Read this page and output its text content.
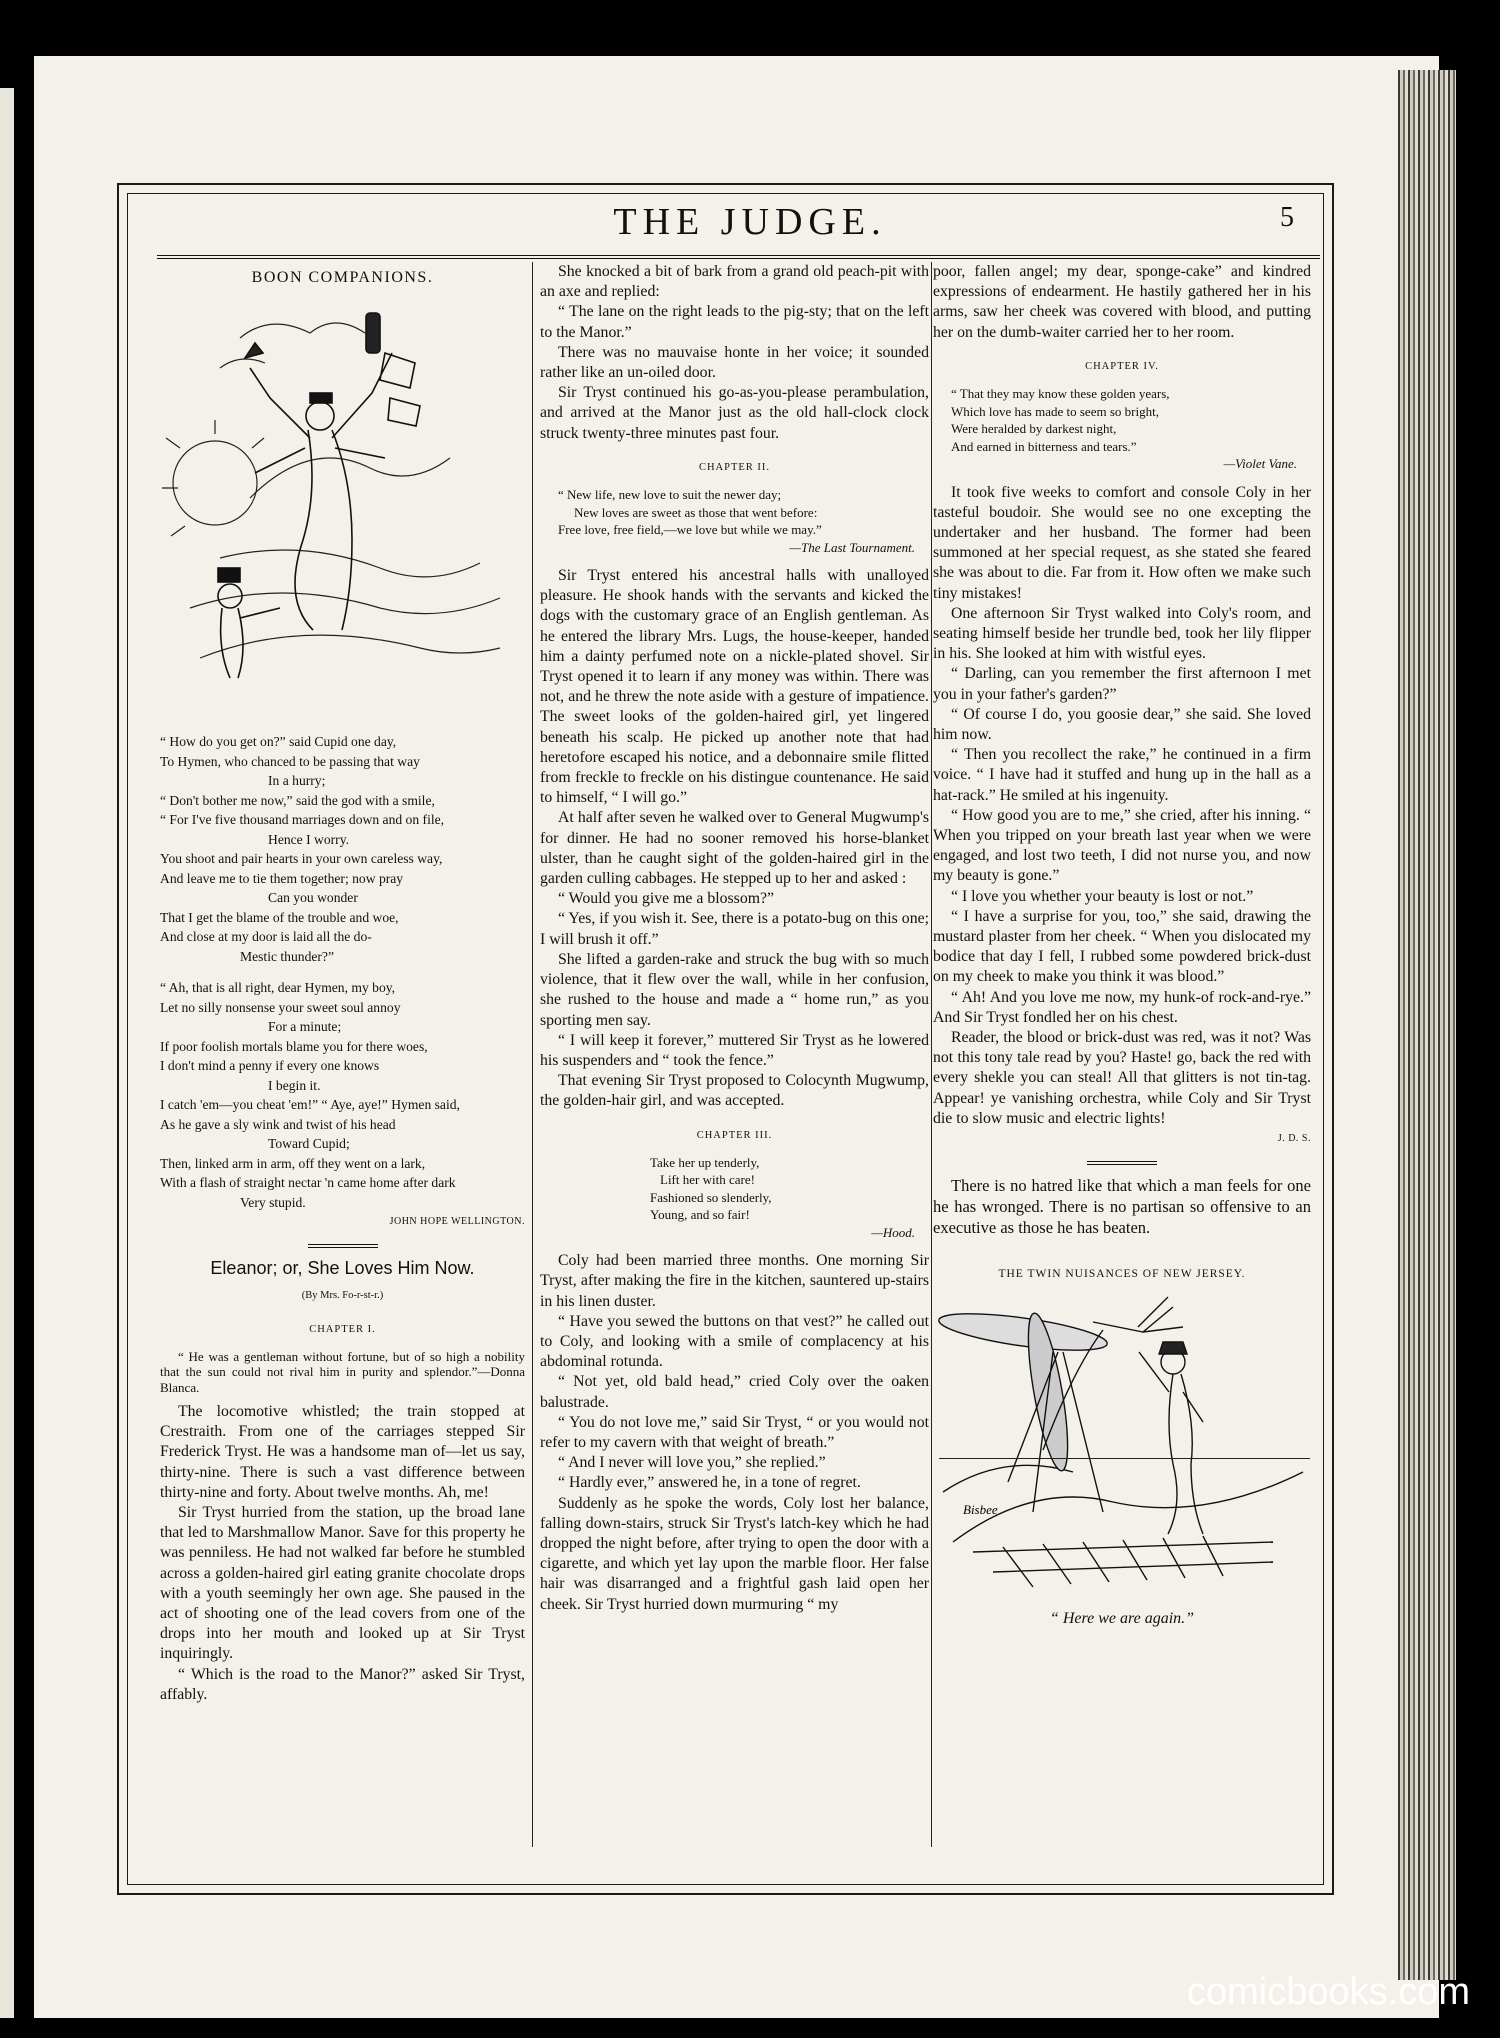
THE JUDGE.	5
BOON COMPANIONS.

“ How do you get on?” said Cupid one day,

To Hymen, who chanced to be passing that way

In a hurry;

“ Don't bother me now,” said the god with a smile,

“ For I've five thousand marriages down and on file,

Hence I worry.

You shoot and pair hearts in your own careless way,

And leave me to tie them together; now pray

Can you wonder

That I get the blame of the trouble and woe,

And close at my door is laid all the do-

Mestic thunder?”

“ Ah, that is all right, dear Hymen, my boy,

Let no silly nonsense your sweet soul annoy

For a minute;

If poor foolish mortals blame you for there woes,

I don't mind a penny if every one knows

I begin it.

I catch 'em—you cheat 'em!” “ Aye, aye!” Hymen said,

As he gave a sly wink and twist of his head

Toward Cupid;

Then, linked arm in arm, off they went on a lark,

With a flash of straight nectar 'n came home after dark

Very stupid.

JOHN HOPE WELLINGTON.

Eleanor; or, She Loves Him Now.
(By Mrs. Fo-r-st-r.)
CHAPTER I.

“ He was a gentleman without fortune, but of so high a nobility that the sun could not rival him in purity and splendor.”—Donna Blanca.

The locomotive whistled; the train stopped at Crestraith. From one of the carriages stepped Sir Frederick Tryst. He was a handsome man of—let us say, thirty-nine. There is such a vast difference between thirty-nine and forty. About twelve months. Ah, me!

Sir Tryst hurried from the station, up the broad lane that led to Marshmallow Manor. Save for this property he was penniless. He had not walked far before he stumbled across a golden-haired girl eating granite chocolate drops with a youth seemingly her own age. She paused in the act of shooting one of the lead covers from one of the drops into her mouth and looked up at Sir Tryst inquiringly.

“ Which is the road to the Manor?” asked Sir Tryst, affably.

She knocked a bit of bark from a grand old peach-pit with an axe and replied:

“ The lane on the right leads to the pig-sty; that on the left to the Manor.”

There was no mauvaise honte in her voice; it sounded rather like an un-oiled door.

Sir Tryst continued his go-as-you-please perambulation, and arrived at the Manor just as the old hall-clock clock struck twenty-three minutes past four.

CHAPTER II.

“ New life, new love to suit the newer day;

New loves are sweet as those that went before:

Free love, free field,—we love but while we may.”

—The Last Tournament.

Sir Tryst entered his ancestral halls with unalloyed pleasure. He shook hands with the servants and kicked the dogs with the customary grace of an English gentleman. As he entered the library Mrs. Lugs, the house-keeper, handed him a dainty perfumed note on a nickle-plated shovel. Sir Tryst opened it to learn if any money was within. There was not, and he threw the note aside with a gesture of impatience. The sweet looks of the golden-haired girl, yet lingered beneath his scalp. He picked up another note that had heretofore escaped his notice, and a debonnaire smile flitted from freckle to freckle on his distingue countenance. He said to himself, “ I will go.”

At half after seven he walked over to General Mugwump's for dinner. He had no sooner removed his horse-blanket ulster, than he caught sight of the golden-haired girl in the garden culling cabbages. He stepped up to her and asked :

“ Would you give me a blossom?”

“ Yes, if you wish it. See, there is a potato-bug on this one; I will brush it off.”

She lifted a garden-rake and struck the bug with so much violence, that it flew over the wall, while in her confusion, she rushed to the house and made a “ home run,” as you sporting men say.

“ I will keep it forever,” muttered Sir Tryst as he lowered his suspenders and “ took the fence.”

That evening Sir Tryst proposed to Colocynth Mugwump, the golden-hair girl, and was accepted.

CHAPTER III.

Take her up tenderly,

Lift her with care!

Fashioned so slenderly,

Young, and so fair!

—Hood.

Coly had been married three months. One morning Sir Tryst, after making the fire in the kitchen, sauntered up-stairs in his linen duster.

“ Have you sewed the buttons on that vest?” he called out to Coly, and looking with a smile of complacency at his abdominal rotunda.

“ Not yet, old bald head,” cried Coly over the oaken balustrade.

“ You do not love me,” said Sir Tryst, “ or you would not refer to my cavern with that weight of breath.”

“ And I never will love you,” she replied.”

“ Hardly ever,” answered he, in a tone of regret.

Suddenly as he spoke the words, Coly lost her balance, falling down-stairs, struck Sir Tryst's latch-key which he had dropped the night before, after trying to open the door with a cigarette, and which yet lay upon the marble floor. Her false hair was disarranged and a frightful gash laid open her cheek. Sir Tryst hurried down murmuring “ my

poor, fallen angel; my dear, sponge-cake” and kindred expressions of endearment. He hastily gathered her in his arms, saw her cheek was covered with blood, and putting her on the dumb-waiter carried her to her room.

CHAPTER IV.

“ That they may know these golden years,

Which love has made to seem so bright,

Were heralded by darkest night,

And earned in bitterness and tears.”

—Violet Vane.

It took five weeks to comfort and console Coly in her tasteful boudoir. She would see no one excepting the undertaker and her husband. The former had been summoned at her special request, as she stated she feared she was about to die. Far from it. How often we make such tiny mistakes!

One afternoon Sir Tryst walked into Coly's room, and seating himself beside her trundle bed, took her lily flipper in his. She looked at him with wistful eyes.

“ Darling, can you remember the first afternoon I met you in your father's garden?”

“ Of course I do, you goosie dear,” she said. She loved him now.

“ Then you recollect the rake,” he continued in a firm voice. “ I have had it stuffed and hung up in the hall as a hat-rack.” He smiled at his ingenuity.

“ How good you are to me,” she cried, after his inning. “ When you tripped on your breath last year when we were engaged, and lost two teeth, I did not nurse you, and now my beauty is gone.”

“ I love you whether your beauty is lost or not.”

“ I have a surprise for you, too,” she said, drawing the mustard plaster from her cheek. “ When you dislocated my bodice that day I fell, I rubbed some powdered brick-dust on my cheek to make you think it was blood.”

“ Ah! And you love me now, my hunk-of rock-and-rye.” And Sir Tryst fondled her on his chest.

Reader, the blood or brick-dust was red, was it not? Was not this tony tale read by you? Haste! go, back the red with every shekle you can steal! All that glitters is not tin-tag. Appear! ye vanishing orchestra, while Coly and Sir Tryst die to slow music and electric lights!

J. D. S.

There is no hatred like that which a man feels for one he has wronged. There is no partisan so offensive to an executive as those he has beaten.

THE TWIN NUISANCES OF NEW JERSEY.
Bisbee
“ Here we are again.”
comicbooks.com
